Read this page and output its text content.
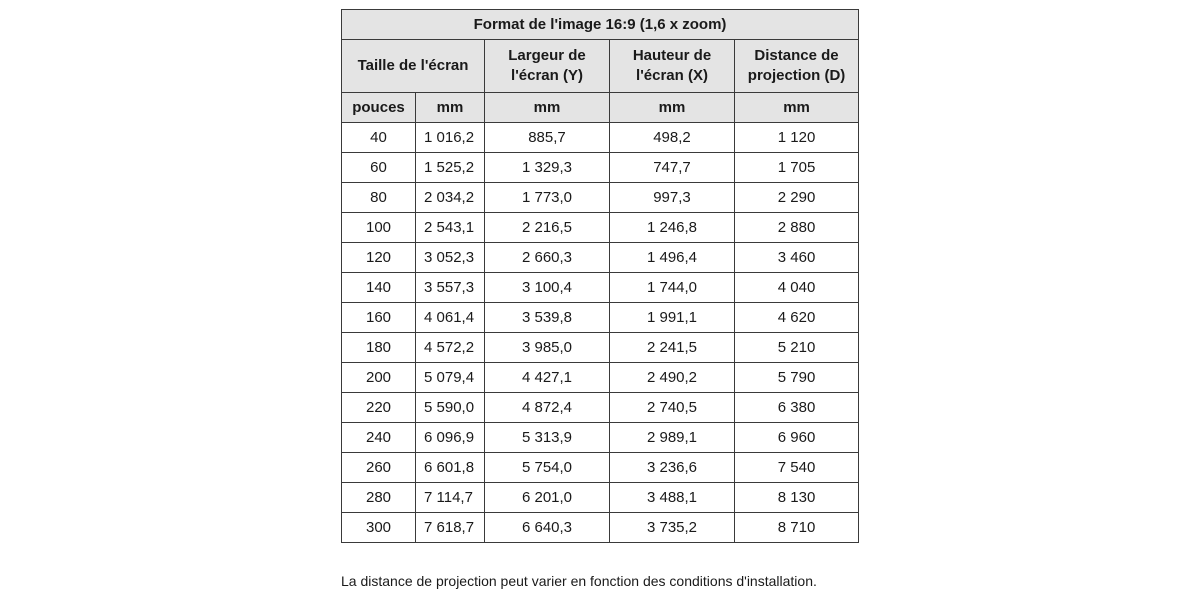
Format de l'image 16:9 (1,6 x zoom)				
Taille de l'écran		Largeur de l'écran (Y)	Hauteur de l'écran (X)	Distance de projection (D)
pouces	mm	mm	mm	mm
40	1 016,2	885,7	498,2	1 120
60	1 525,2	1 329,3	747,7	1 705
80	2 034,2	1 773,0	997,3	2 290
100	2 543,1	2 216,5	1 246,8	2 880
120	3 052,3	2 660,3	1 496,4	3 460
140	3 557,3	3 100,4	1 744,0	4 040
160	4 061,4	3 539,8	1 991,1	4 620
180	4 572,2	3 985,0	2 241,5	5 210
200	5 079,4	4 427,1	2 490,2	5 790
220	5 590,0	4 872,4	2 740,5	6 380
240	6 096,9	5 313,9	2 989,1	6 960
260	6 601,8	5 754,0	3 236,6	7 540
280	7 114,7	6 201,0	3 488,1	8 130
300	7 618,7	6 640,3	3 735,2	8 710
La distance de projection peut varier en fonction des conditions d'installation.
